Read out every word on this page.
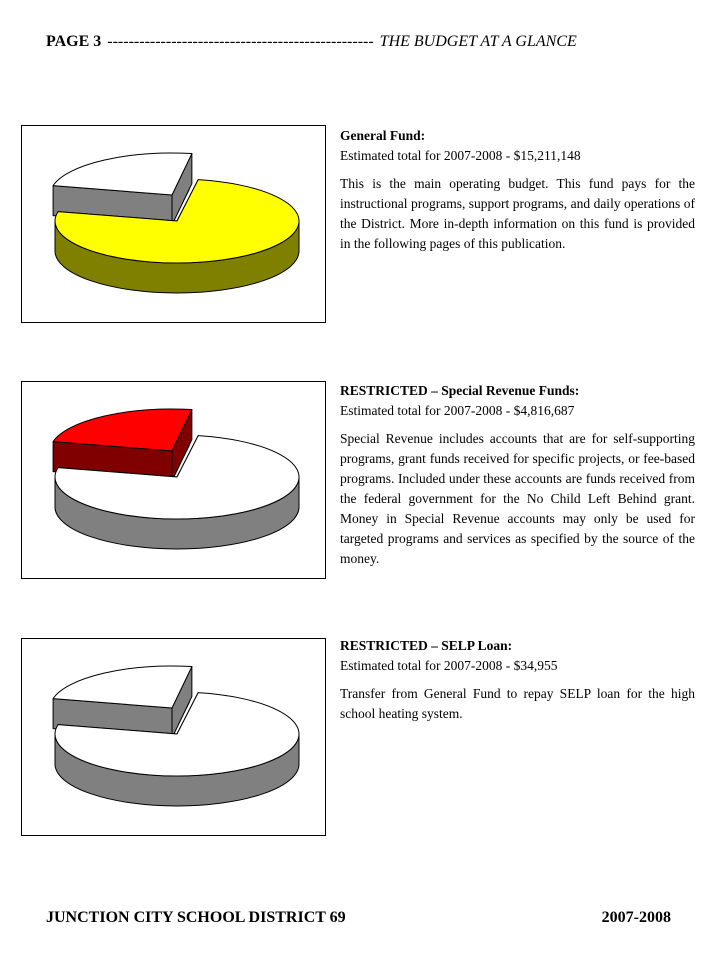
PAGE 3 -------------------------------------------------- THE BUDGET AT A GLANCE
General Fund:
Estimated total for 2007-2008 - $15,211,148

This is the main operating budget. This fund pays for the instructional programs, support programs, and daily operations of the District. More in-depth information on this fund is provided in the following pages of this publication.

RESTRICTED – Special Revenue Funds:
Estimated total for 2007-2008 - $4,816,687

Special Revenue includes accounts that are for self-supporting programs, grant funds received for specific projects, or fee-based programs. Included under these accounts are funds received from the federal government for the No Child Left Behind grant. Money in Special Revenue accounts may only be used for targeted programs and services as specified by the source of the money.

RESTRICTED – SELP Loan:
Estimated total for 2007-2008 - $34,955

Transfer from General Fund to repay SELP loan for the high school heating system.

JUNCTION CITY SCHOOL DISTRICT 69	2007-2008
